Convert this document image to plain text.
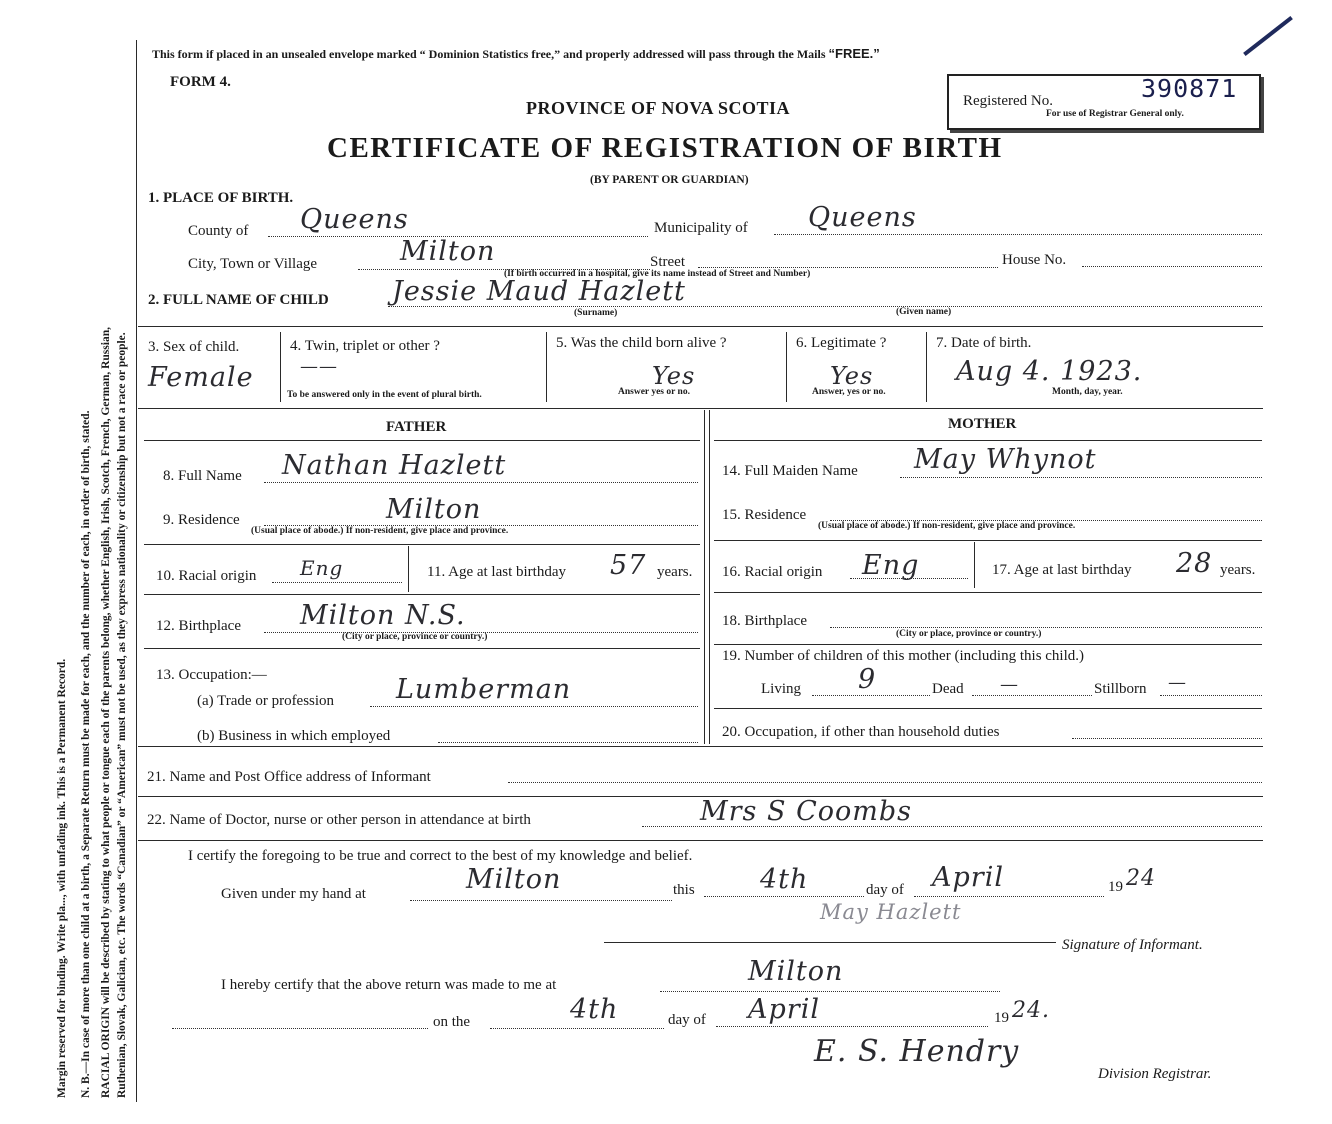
Margin reserved for binding. Write pla..., with unfading ink. This is a Permanent Record. N. B.—In case of more than one child at a birth, a Separate Return must be made for each, and the number of each, in order of birth, stated. RACIAL ORIGIN will be described by stating to what people or tongue each of the parents belong, whether English, Irish, Scotch, French, German, Russian, Ruthenian, Slovak, Galician, etc. The words “Canadian” or “American” must not be used, as they express nationality or citizenship but not a race or people.
This form if placed in an unsealed envelope marked “ Dominion Statistics free,” and properly addressed will pass through the Mails “FREE.”
FORM 4.
PROVINCE OF NOVA SCOTIA
CERTIFICATE OF REGISTRATION OF BIRTH
(BY PARENT OR GUARDIAN)
Registered No.	390871
For use of Registrar General only.
1. PLACE OF BIRTH.
County of Queens	Municipality of Queens
City, Town or Village	Milton	Street	House No.
(If birth occurred in a hospital, give its name instead of Street and Number)
2. FULL NAME OF CHILD Jessie Maud Hazlett
(Surname)	(Given name)
3. Sex of child.
Female
4. Twin, triplet or other ?
——
To be answered only in the event of plural birth.
5. Was the child born alive ?
Yes
Answer yes or no.
6. Legitimate ?
Yes
Answer, yes or no.
7. Date of birth.
Aug 4. 1923.
Month, day, year.
FATHER	MOTHER
8. Full Name Nathan Hazlett
9. Residence	Milton
(Usual place of abode.) If non-resident, give place and province.
10. Racial origin Eng	11. Age at last birthday 57 years.
12. Birthplace Milton N.S.
(City or place, province or country.)
13. Occupation:—
(a) Trade or profession Lumberman
(b) Business in which employed
14. Full Maiden Name May Whynot
15. Residence
(Usual place of abode.) If non-resident, give place and province.
16. Racial origin Eng	17. Age at last birthday 28 years.
18. Birthplace
(City or place, province or country.)
19. Number of children of this mother (including this child.)
Living 9	Dead —	Stillborn —
20. Occupation, if other than household duties
21. Name and Post Office address of Informant
22. Name of Doctor, nurse or other person in attendance at birth	Mrs S Coombs
I certify the foregoing to be true and correct to the best of my knowledge and belief.
Given under my hand at	Milton	this 4th	day of April	19 24
May Hazlett
Signature of Informant.
I hereby certify that the above return was made to me at	Milton
on the	4th	day of April	19 24.
E. S. Hendry
Division Registrar.
